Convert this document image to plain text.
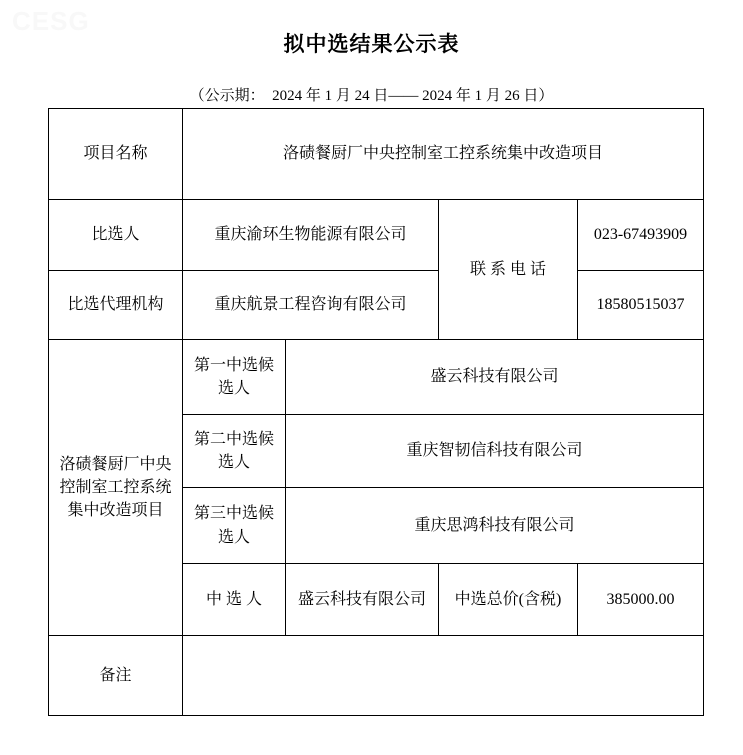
CESG
拟中选结果公示表
（公示期：  2024 年 1 月 24 日—— 2024 年 1 月 26 日）
项目名称	洛碛餐厨厂中央控制室工控系统集中改造项目			
比选人	重庆渝环生物能源有限公司		联 系 电 话	023-67493909
比选代理机构	重庆航景工程咨询有限公司			18580515037
洛碛餐厨厂中央控制室工控系统集中改造项目	第一中选候选人	盛云科技有限公司		
	第二中选候选人	重庆智韧信科技有限公司		
	第三中选候选人	重庆思鸿科技有限公司		
	中 选 人	盛云科技有限公司	中选总价(含税)	385000.00
备注				
